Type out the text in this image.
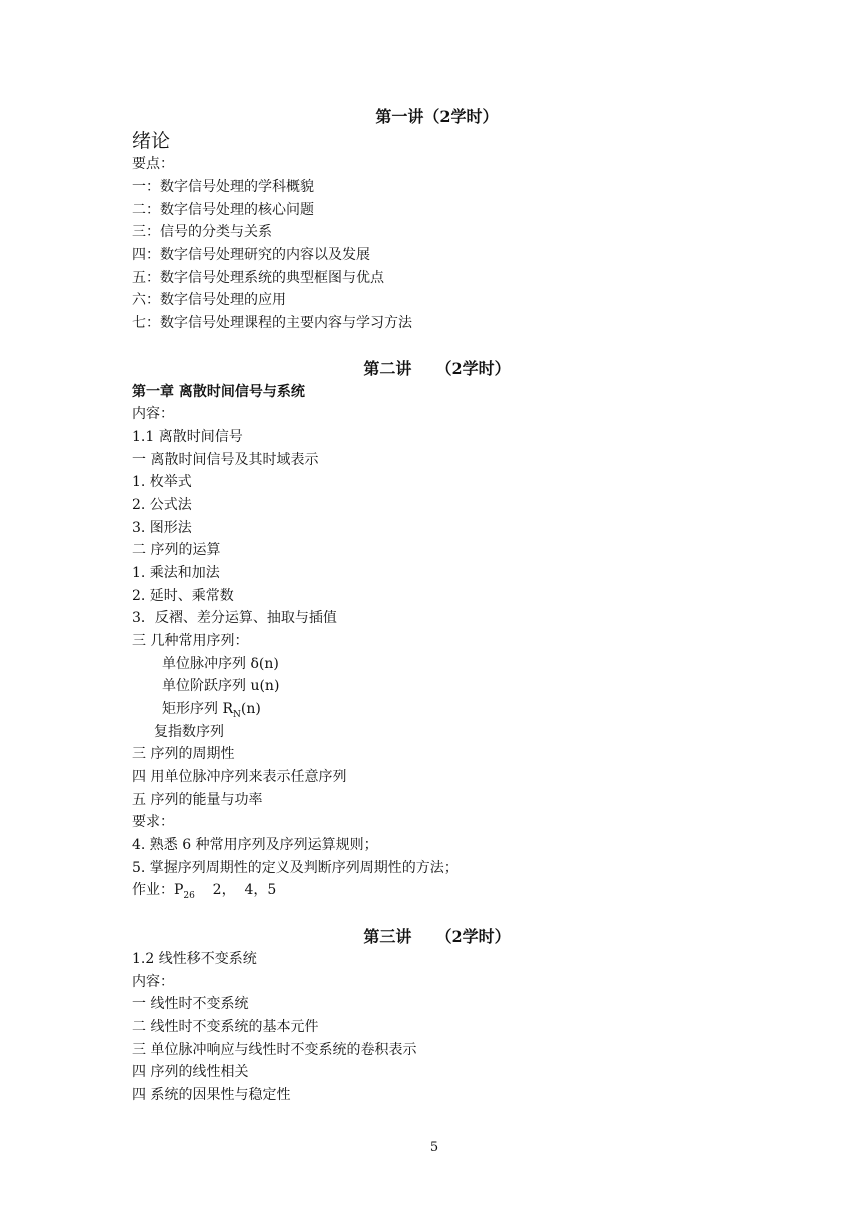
第一讲（2学时）
绪论
要点：
一：数字信号处理的学科概貌
二：数字信号处理的核心问题
三：信号的分类与关系
四：数字信号处理研究的内容以及发展
五：数字信号处理系统的典型框图与优点
六：数字信号处理的应用
七：数字信号处理课程的主要内容与学习方法
第二讲 （2学时）
第一章 离散时间信号与系统
内容：
1.1 离散时间信号
一 离散时间信号及其时域表示
1. 枚举式
2. 公式法
3. 图形法
二 序列的运算
1. 乘法和加法
2. 延时、乘常数
3．反褶、差分运算、抽取与插值
三 几种常用序列：
单位脉冲序列 δ(n)
单位阶跃序列 u(n)
矩形序列 $R_N(n)$
复指数序列
三 序列的周期性
四 用单位脉冲序列来表示任意序列
五 序列的能量与功率
要求：
4. 熟悉 6 种常用序列及序列运算规则；
5. 掌握序列周期性的定义及判断序列周期性的方法；
作业：$P_{26}$    2，  4，5
第三讲 （2学时）
1.2 线性移不变系统
内容：
一 线性时不变系统
二 线性时不变系统的基本元件
三 单位脉冲响应与线性时不变系统的卷积表示
四 序列的线性相关
四 系统的因果性与稳定性
5
